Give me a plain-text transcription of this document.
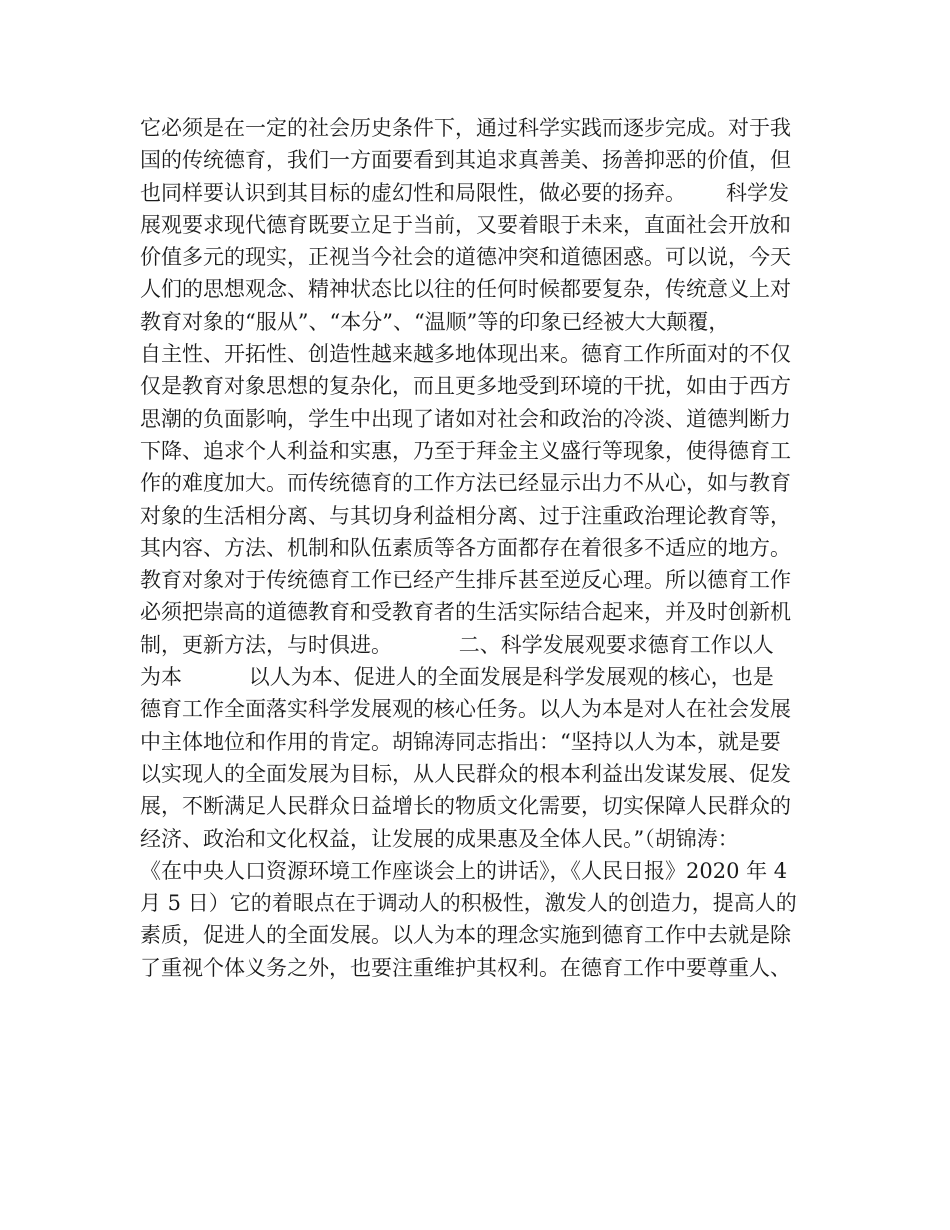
它必须是在一定的社会历史条件下，通过科学实践而逐步完成。对于我
国的传统德育，我们一方面要看到其追求真善美、扬善抑恶的价值，但
也同样要认识到其目标的虚幻性和局限性，做必要的扬弃。      科学发
展观要求现代德育既要立足于当前，又要着眼于未来，直面社会开放和
价值多元的现实，正视当今社会的道德冲突和道德困惑。可以说，今天
人们的思想观念、精神状态比以往的任何时候都要复杂，传统意义上对
教育对象的“服从”、“本分”、“温顺”等的印象已经被大大颠覆，
自主性、开拓性、创造性越来越多地体现出来。德育工作所面对的不仅
仅是教育对象思想的复杂化，而且更多地受到环境的干扰，如由于西方
思潮的负面影响，学生中出现了诸如对社会和政治的冷淡、道德判断力
下降、追求个人利益和实惠，乃至于拜金主义盛行等现象，使得德育工
作的难度加大。而传统德育的工作方法已经显示出力不从心，如与教育
对象的生活相分离、与其切身利益相分离、过于注重政治理论教育等，
其内容、方法、机制和队伍素质等各方面都存在着很多不适应的地方。
教育对象对于传统德育工作已经产生排斥甚至逆反心理。所以德育工作
必须把崇高的道德教育和受教育者的生活实际结合起来，并及时创新机
制，更新方法，与时俱进。          二、科学发展观要求德育工作以人
为本          以人为本、促进人的全面发展是科学发展观的核心，也是
德育工作全面落实科学发展观的核心任务。以人为本是对人在社会发展
中主体地位和作用的肯定。胡锦涛同志指出：“坚持以人为本，就是要
以实现人的全面发展为目标，从人民群众的根本利益出发谋发展、促发
展，不断满足人民群众日益增长的物质文化需要，切实保障人民群众的
经济、政治和文化权益，让发展的成果惠及全体人民。”（胡锦涛：
《在中央人口资源环境工作座谈会上的讲话》，《人民日报》2020 年 4
月 5 日）它的着眼点在于调动人的积极性，激发人的创造力，提高人的
素质，促进人的全面发展。以人为本的理念实施到德育工作中去就是除
了重视个体义务之外，也要注重维护其权利。在德育工作中要尊重人、
